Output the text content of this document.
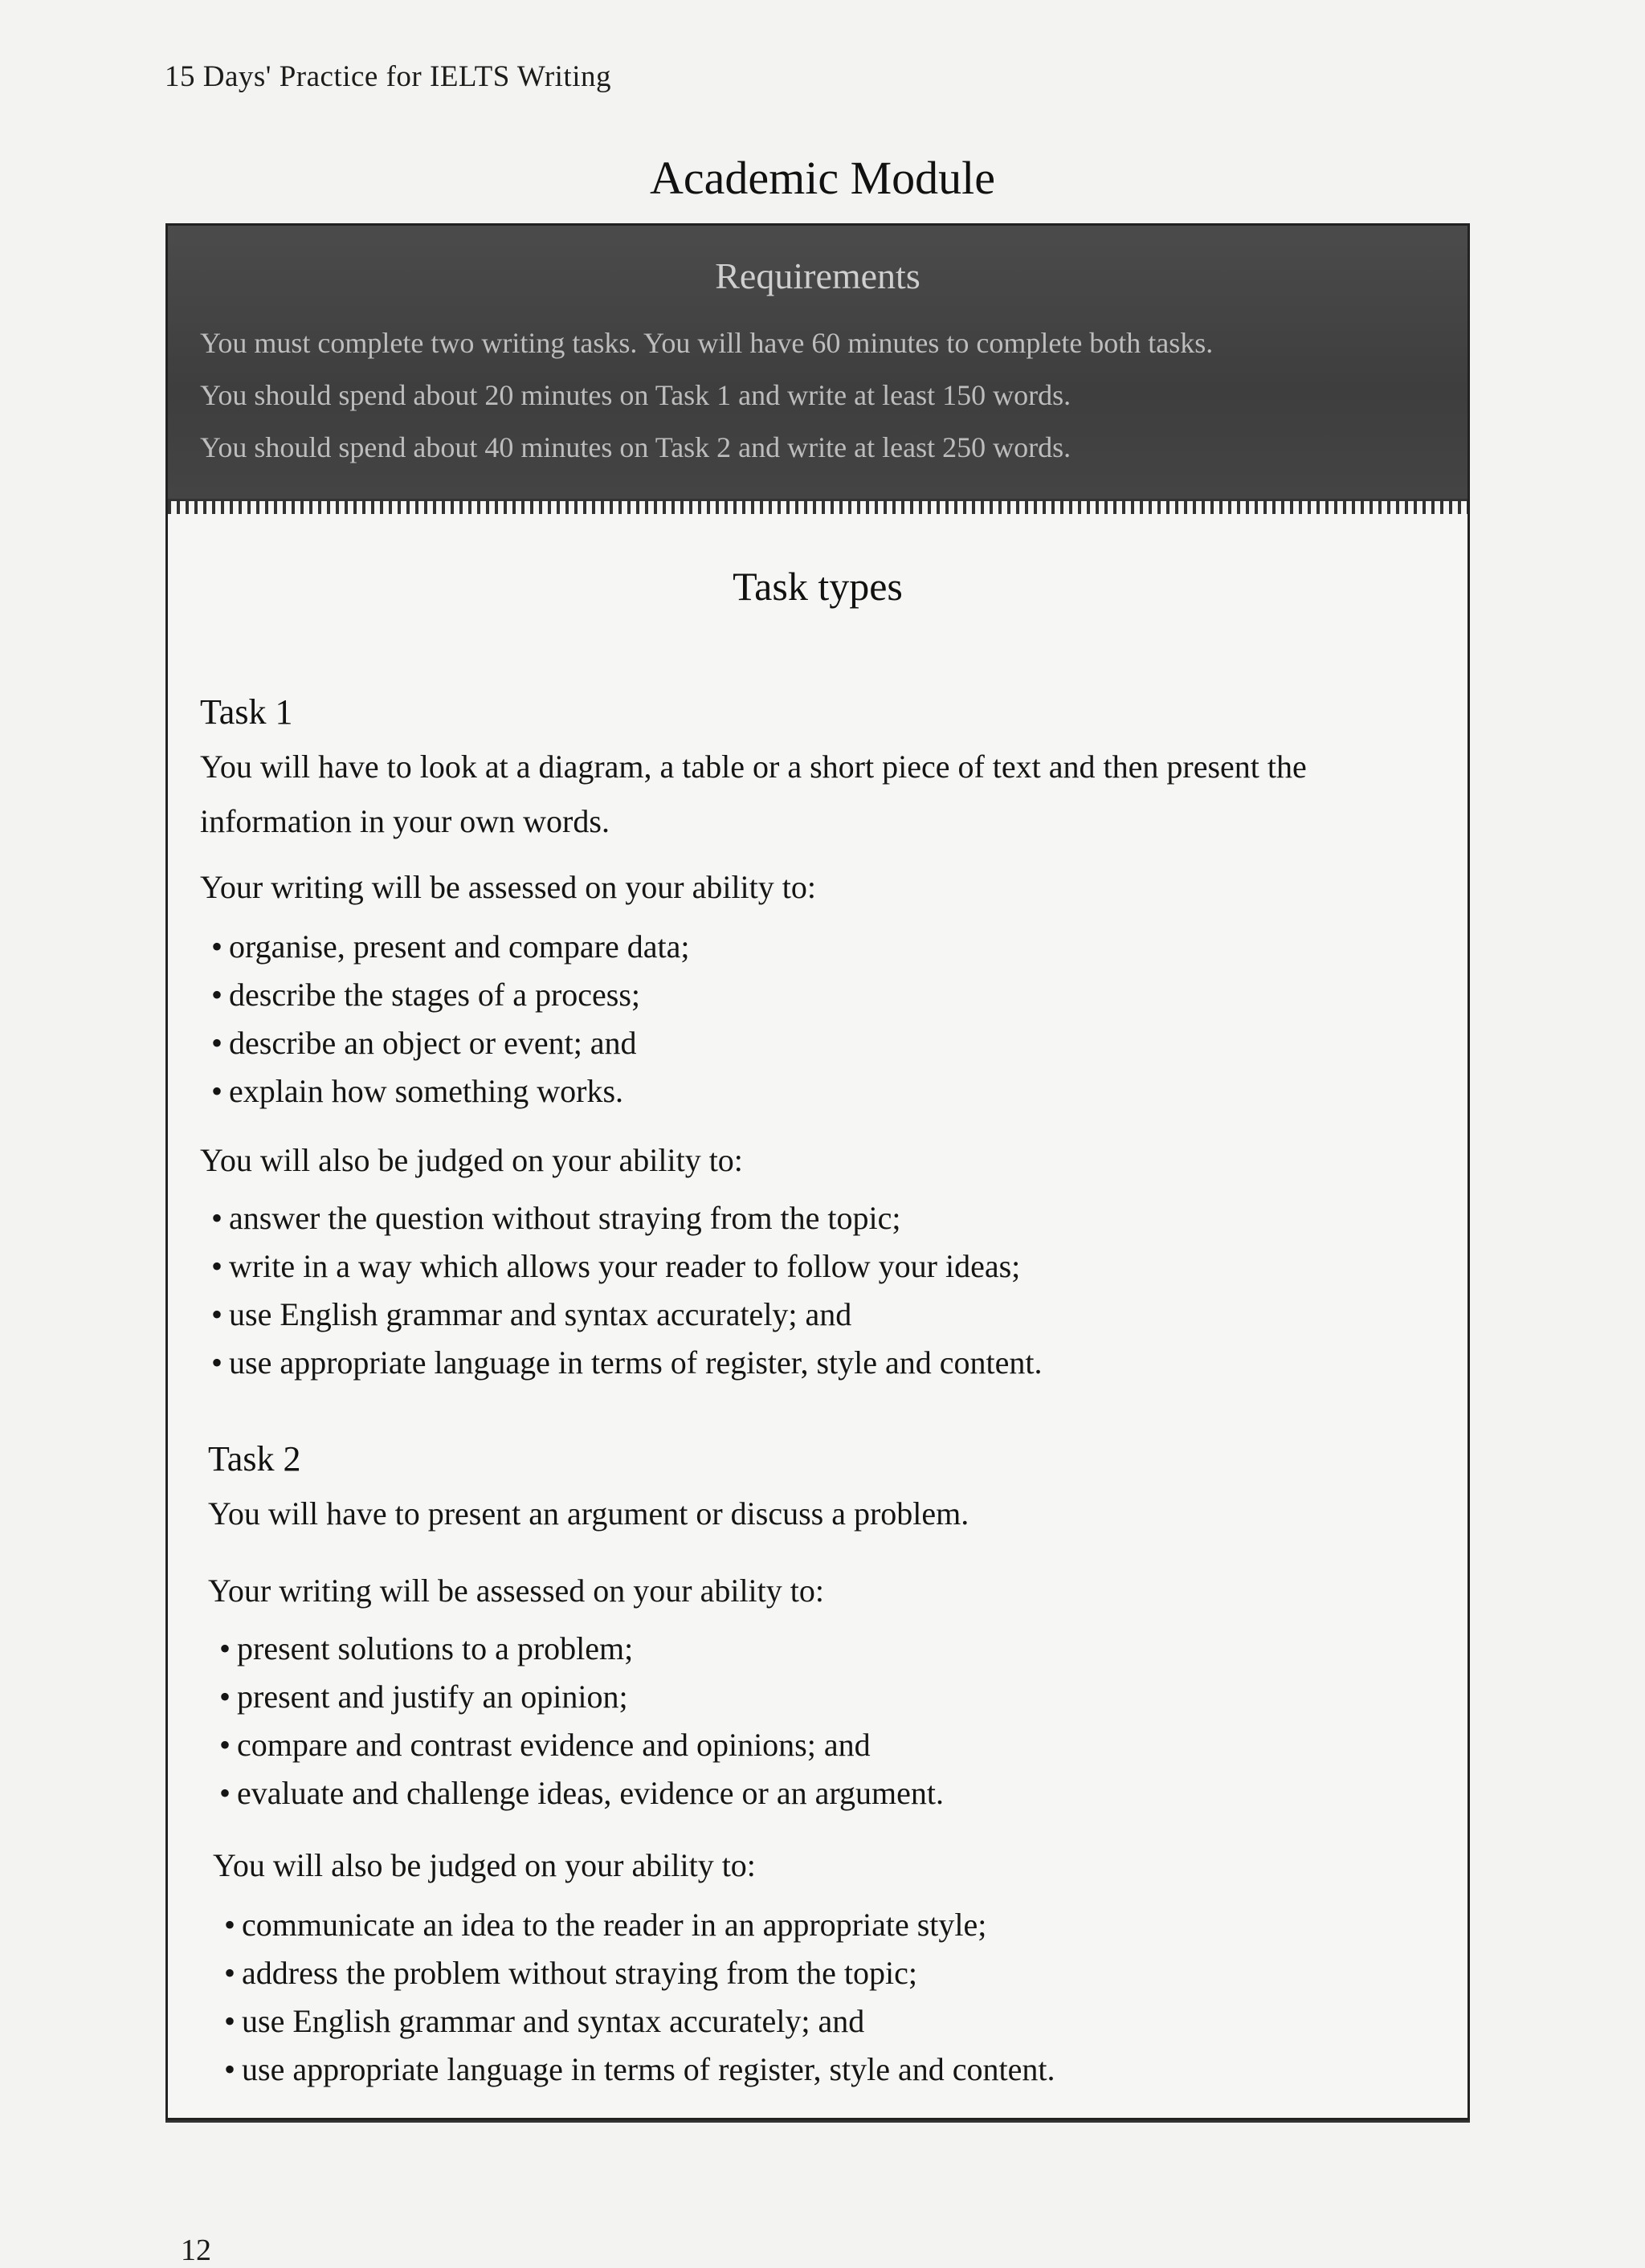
15 Days' Practice for IELTS Writing
Academic Module
Requirements
You must complete two writing tasks. You will have 60 minutes to complete both tasks.
You should spend about 20 minutes on Task 1 and write at least 150 words.
You should spend about 40 minutes on Task 2 and write at least 250 words.
Task types
Task 1
You will have to look at a diagram, a table or a short piece of text and then present the
information in your own words.
Your writing will be assessed on your ability to:
• organise, present and compare data;
• describe the stages of a process;
• describe an object or event; and
• explain how something works.
You will also be judged on your ability to:
• answer the question without straying from the topic;
• write in a way which allows your reader to follow your ideas;
• use English grammar and syntax accurately; and
• use appropriate language in terms of register, style and content.
Task 2
You will have to present an argument or discuss a problem.
Your writing will be assessed on your ability to:
• present solutions to a problem;
• present and justify an opinion;
• compare and contrast evidence and opinions; and
• evaluate and challenge ideas, evidence or an argument.
You will also be judged on your ability to:
• communicate an idea to the reader in an appropriate style;
• address the problem without straying from the topic;
• use English grammar and syntax accurately; and
• use appropriate language in terms of register, style and content.
12
